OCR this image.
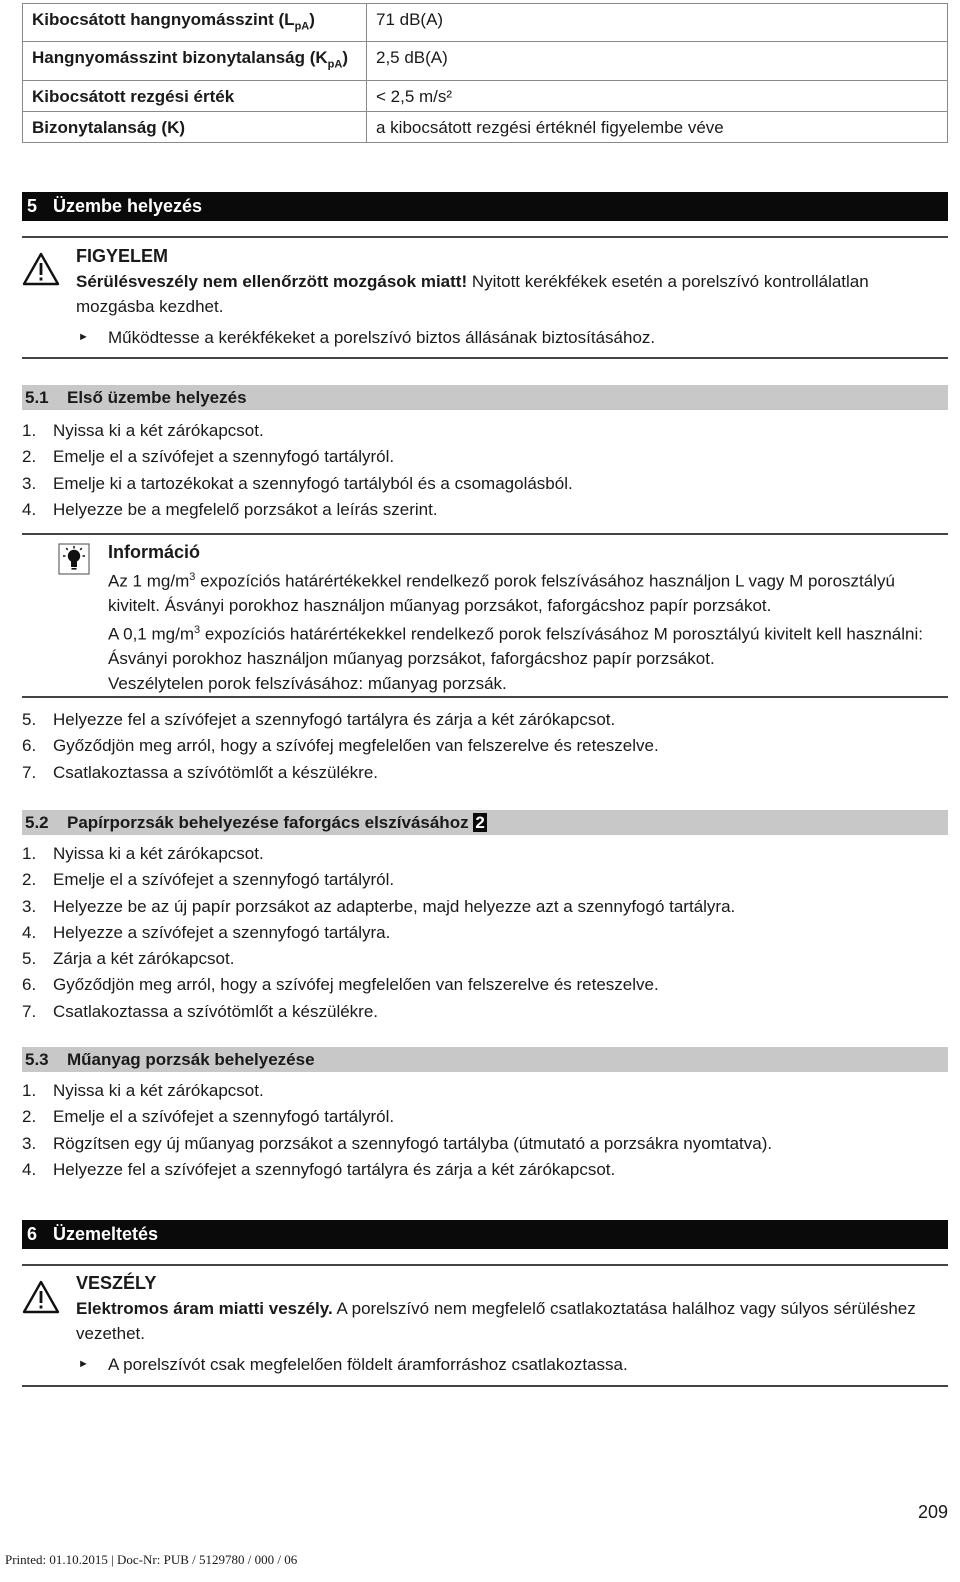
Kibocsátott hangnyomásszint $(L_{pA})$	71 dB(A)
Hangnyomásszint bizonytalanság $(K_{pA})$	2,5 dB(A)
Kibocsátott rezgési érték	< 2,5 m/s²
Bizonytalanság (K)	a kibocsátott rezgési értéknél figyelembe véve
5 Üzembe helyezés
FIGYELEM
Sérülésveszély nem ellenőrzött mozgások miatt! Nyitott kerékfékek esetén a porelszívó kontrollálatlan mozgásba kezdhet.
► Működtesse a kerékfékeket a porelszívó biztos állásának biztosításához.
5.1 Első üzembe helyezés
1. Nyissa ki a két zárókapcsot.
2. Emelje el a szívófejet a szennyfogó tartályról.
3. Emelje ki a tartozékokat a szennyfogó tartályból és a csomagolásból.
4. Helyezze be a megfelelő porzsákot a leírás szerint.
Információ

Az 1 $mg/m^3$ expozíciós határértékekkel rendelkező porok felszívásához használjon L vagy M porosztályú kivitelt. Ásványi porokhoz használjon műanyag porzsákot, faforgácshoz papír porzsákot.

A 0,1 $mg/m^3$ expozíciós határértékekkel rendelkező porok felszívásához M porosztályú kivitelt kell használni: Ásványi porokhoz használjon műanyag porzsákot, faforgácshoz papír porzsákot.

Veszélytelen porok felszívásához: műanyag porzsák.

5. Helyezze fel a szívófejet a szennyfogó tartályra és zárja a két zárókapcsot.
6. Győződjön meg arról, hogy a szívófej megfelelően van felszerelve és reteszelve.
7. Csatlakoztassa a szívótömlőt a készülékre.
5.2 Papírporzsák behelyezése faforgács elszívásához 2
1. Nyissa ki a két zárókapcsot.
2. Emelje el a szívófejet a szennyfogó tartályról.
3. Helyezze be az új papír porzsákot az adapterbe, majd helyezze azt a szennyfogó tartályra.
4. Helyezze a szívófejet a szennyfogó tartályra.
5. Zárja a két zárókapcsot.
6. Győződjön meg arról, hogy a szívófej megfelelően van felszerelve és reteszelve.
7. Csatlakoztassa a szívótömlőt a készülékre.
5.3 Műanyag porzsák behelyezése
1. Nyissa ki a két zárókapcsot.
2. Emelje el a szívófejet a szennyfogó tartályról.
3. Rögzítsen egy új műanyag porzsákot a szennyfogó tartályba (útmutató a porzsákra nyomtatva).
4. Helyezze fel a szívófejet a szennyfogó tartályra és zárja a két zárókapcsot.
6 Üzemeltetés
VESZÉLY
Elektromos áram miatti veszély. A porelszívó nem megfelelő csatlakoztatása halálhoz vagy súlyos sérüléshez vezethet.
► A porelszívót csak megfelelően földelt áramforráshoz csatlakoztassa.
209
Printed: 01.10.2015 | Doc-Nr: PUB / 5129780 / 000 / 06
